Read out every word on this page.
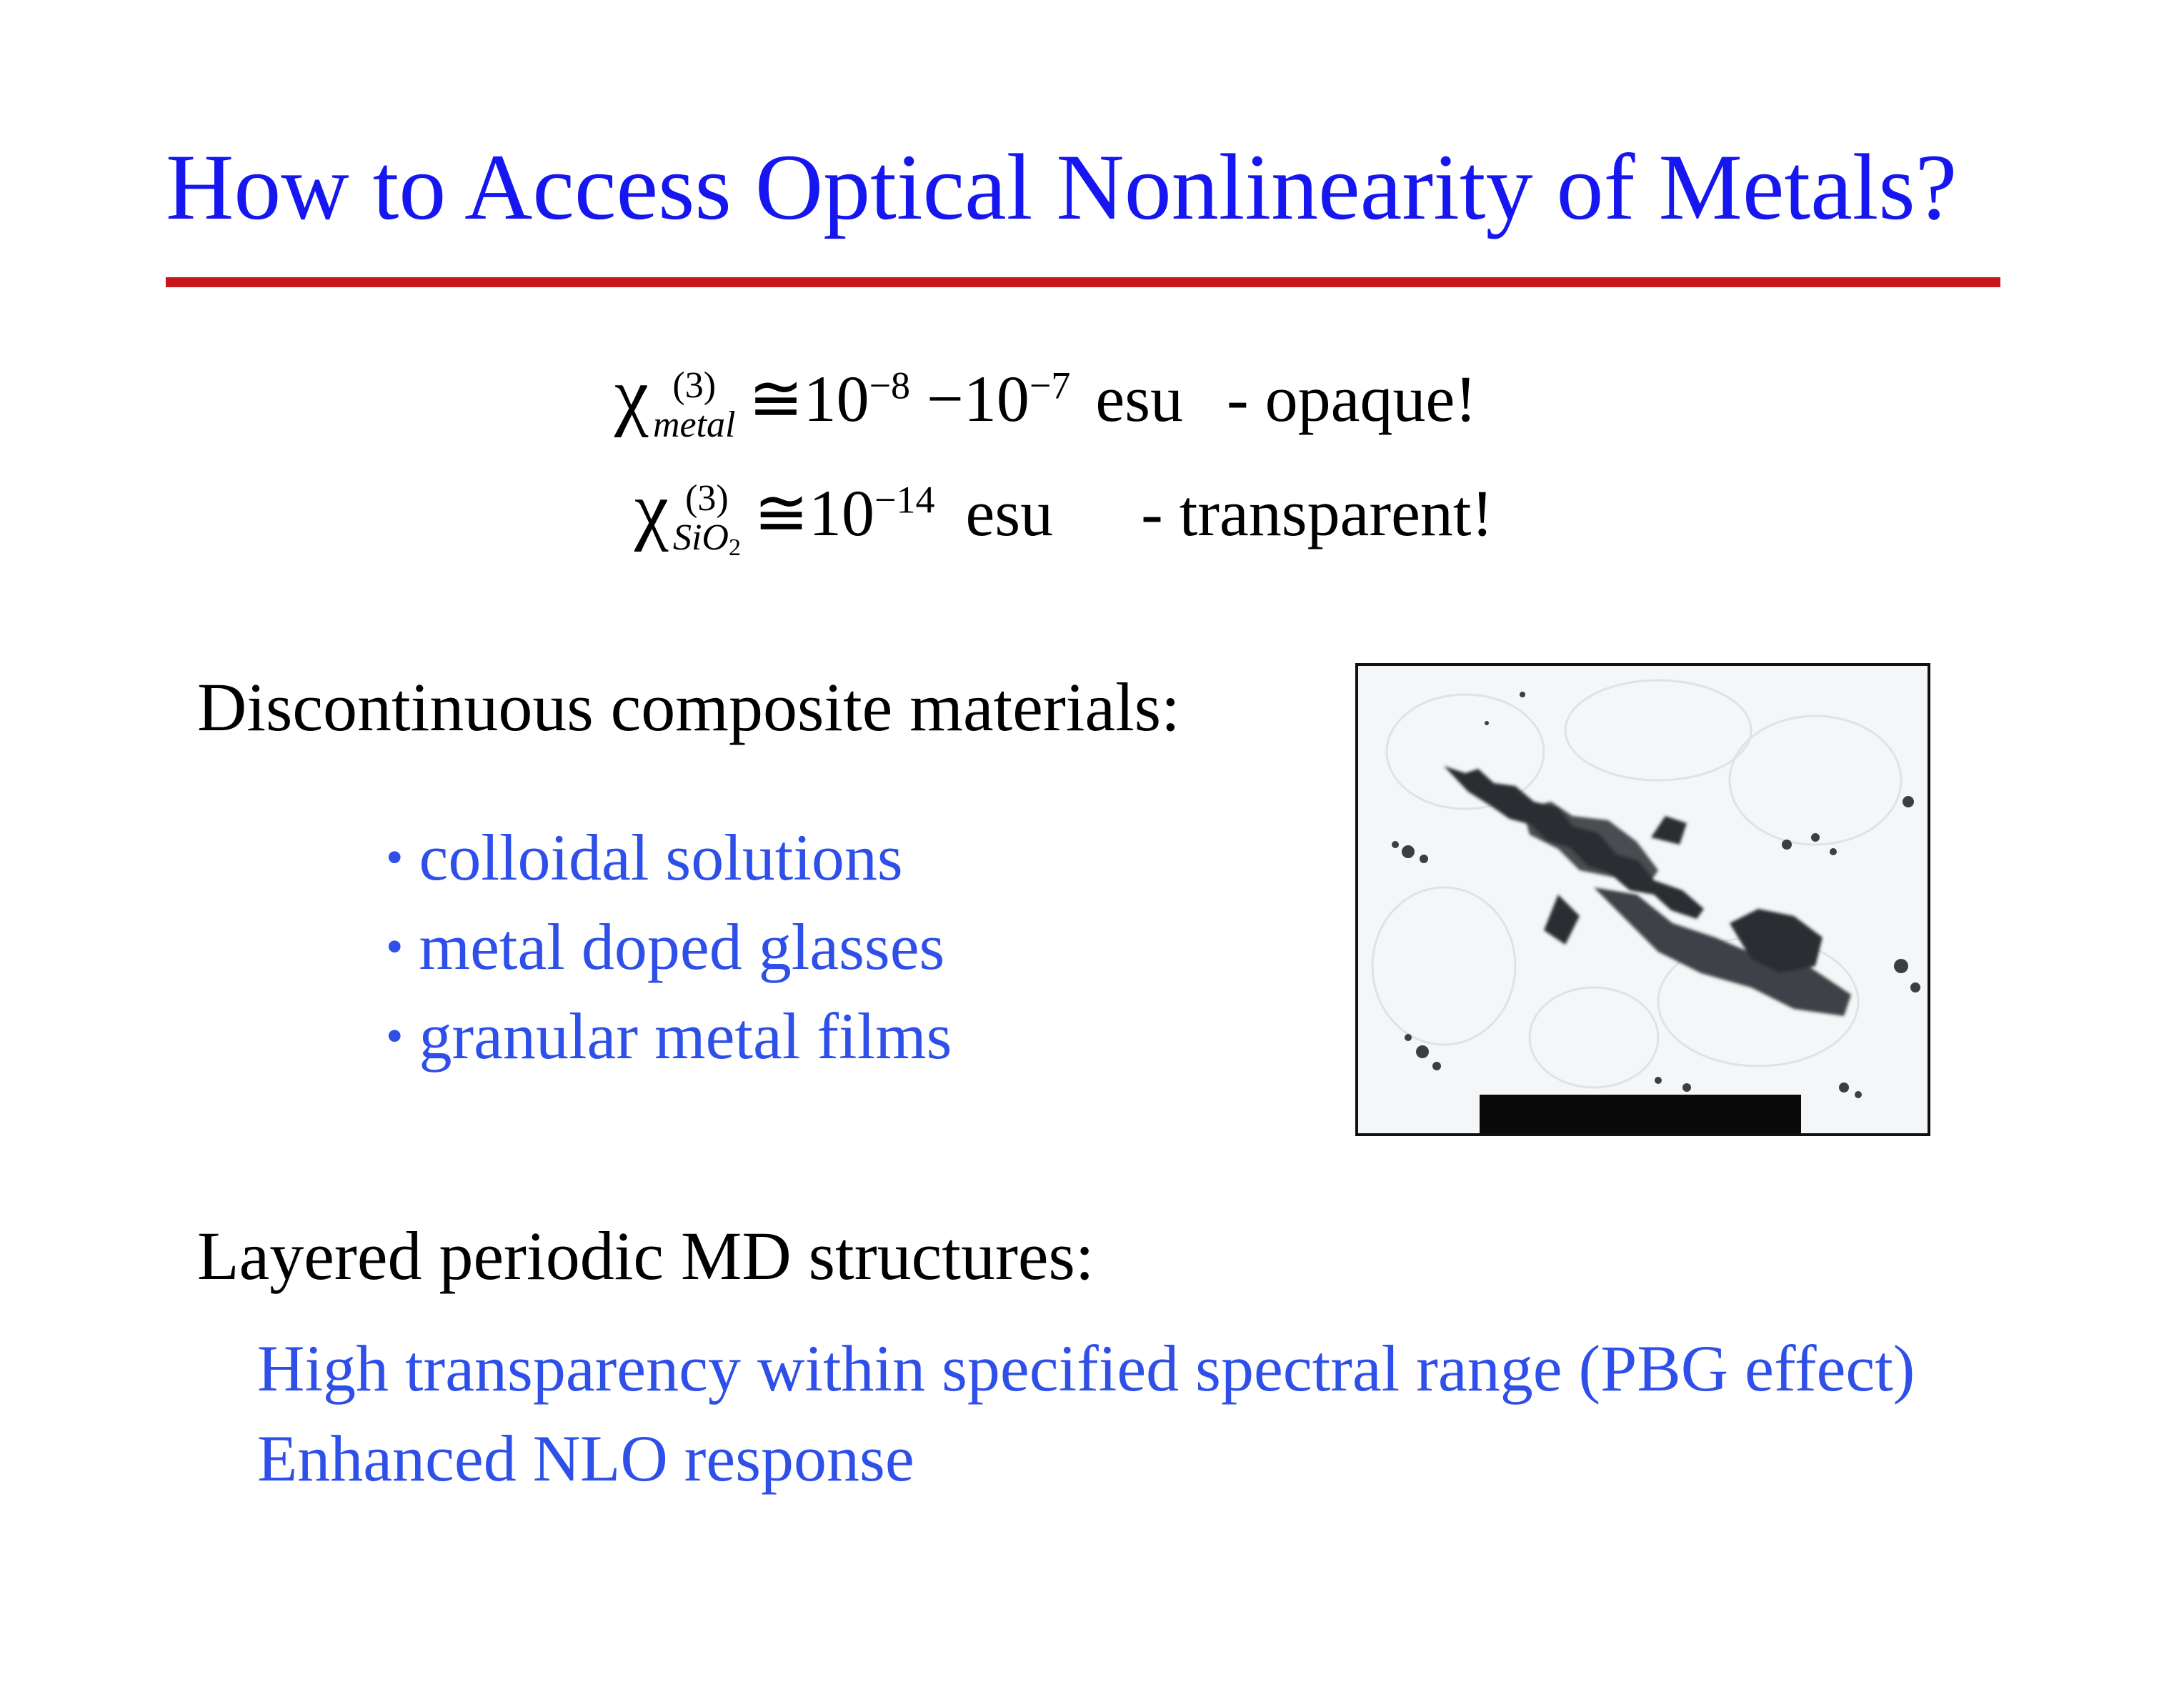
How to Access Optical Nonlinearity of Metals?
χ (3)
metal $≅10^{-8} -10^{-7}$ esu - opaque!
χ (3)
SiO2 $≅10^{-14}$ esu - transparent!
Discontinuous composite materials:
• colloidal solutions
• metal doped glasses
• granular metal films
Layered periodic MD structures:
High transparency within specified spectral range (PBG effect)
Enhanced NLO response
